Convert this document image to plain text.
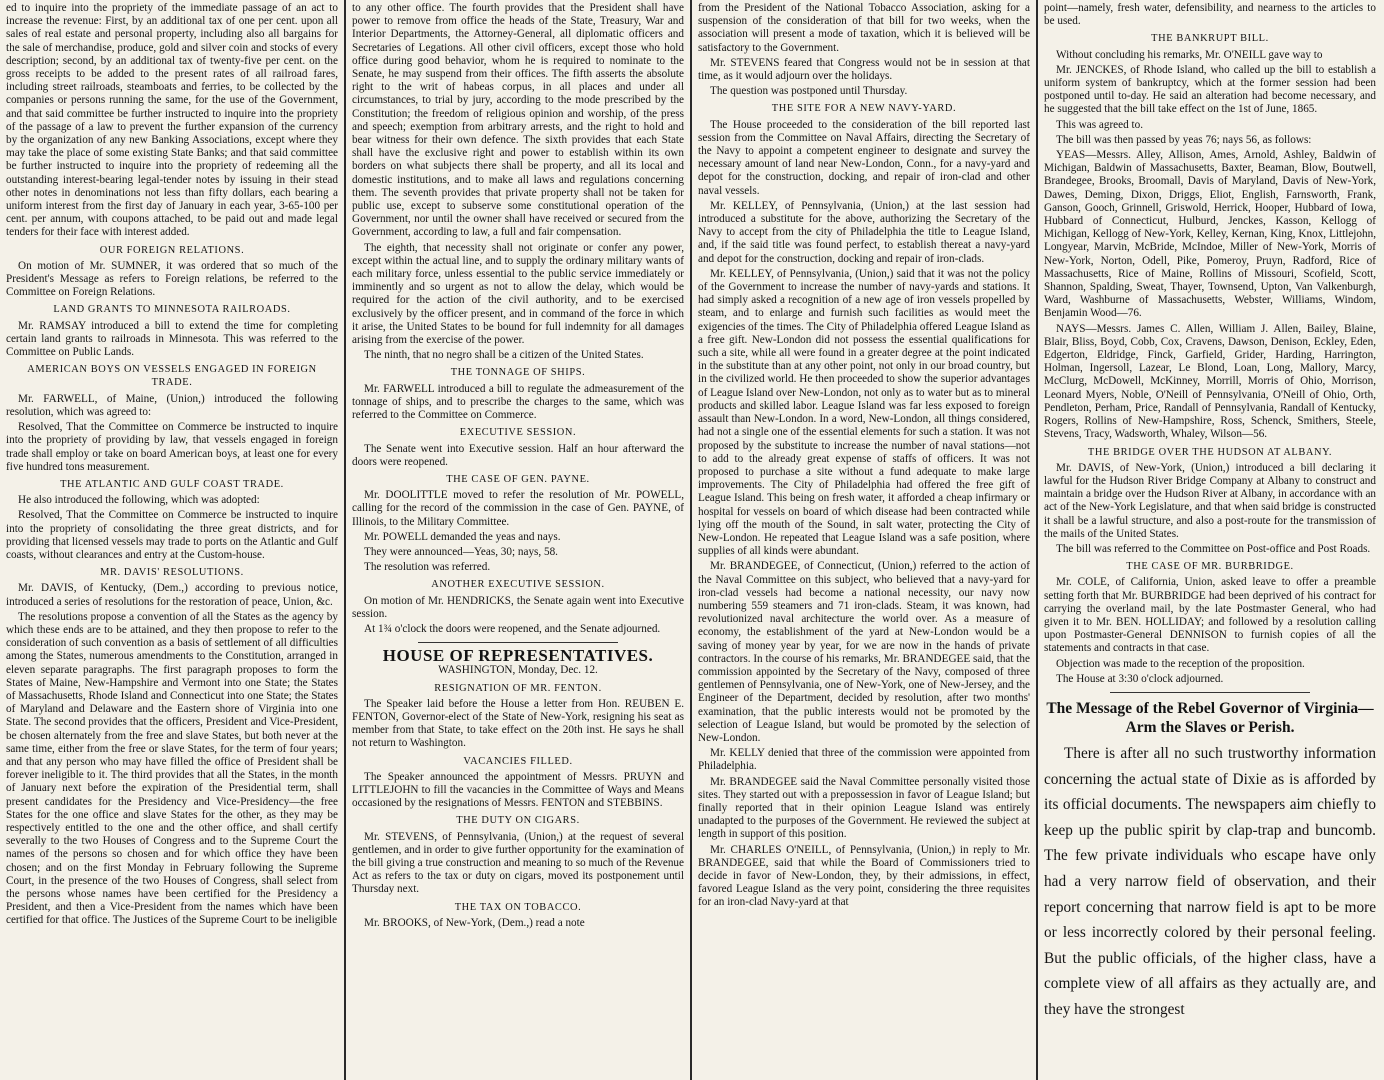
ed to inquire into the propriety of the immediate passage of an act to increase the revenue: First, by an additional tax of one per cent. upon all sales of real estate and personal property, including also all bargains for the sale of merchandise, produce, gold and silver coin and stocks of every description; second, by an additional tax of twenty-five per cent. on the gross receipts to be added to the present rates of all railroad fares, including street railroads, steamboats and ferries, to be collected by the companies or persons running the same, for the use of the Government, and that said committee be further instructed to inquire into the propriety of the passage of a law to prevent the further expansion of the currency by the organization of any new Banking Associations, except where they may take the place of some existing State Banks; and that said committee be further instructed to inquire into the propriety of redeeming all the outstanding interest-bearing legal-tender notes by issuing in their stead other notes in denominations not less than fifty dollars, each bearing a uniform interest from the first day of January in each year, 3-65-100 per cent. per annum, with coupons attached, to be paid out and made legal tenders for their face with interest added.

OUR FOREIGN RELATIONS.

On motion of Mr. SUMNER, it was ordered that so much of the President's Message as refers to Foreign relations, be referred to the Committee on Foreign Relations.

LAND GRANTS TO MINNESOTA RAILROADS.

Mr. RAMSAY introduced a bill to extend the time for completing certain land grants to railroads in Minnesota. This was referred to the Committee on Public Lands.

AMERICAN BOYS ON VESSELS ENGAGED IN FOREIGN TRADE.

Mr. FARWELL, of Maine, (Union,) introduced the following resolution, which was agreed to:

Resolved, That the Committee on Commerce be instructed to inquire into the propriety of providing by law, that vessels engaged in foreign trade shall employ or take on board American boys, at least one for every five hundred tons measurement.

THE ATLANTIC AND GULF COAST TRADE.

He also introduced the following, which was adopted:

Resolved, That the Committee on Commerce be instructed to inquire into the propriety of consolidating the three great districts, and for providing that licensed vessels may trade to ports on the Atlantic and Gulf coasts, without clearances and entry at the Custom-house.

MR. DAVIS' RESOLUTIONS.

Mr. DAVIS, of Kentucky, (Dem.,) according to previous notice, introduced a series of resolutions for the restoration of peace, Union, &c.

The resolutions propose a convention of all the States as the agency by which these ends are to be attained, and they then propose to refer to the consideration of such convention as a basis of settlement of all difficulties among the States, numerous amendments to the Constitution, arranged in eleven separate paragraphs. The first paragraph proposes to form the States of Maine, New-Hampshire and Vermont into one State; the States of Massachusetts, Rhode Island and Connecticut into one State; the States of Maryland and Delaware and the Eastern shore of Virginia into one State. The second provides that the officers, President and Vice-President, be chosen alternately from the free and slave States, but both never at the same time, either from the free or slave States, for the term of four years; and that any person who may have filled the office of President shall be forever ineligible to it. The third provides that all the States, in the month of January next before the expiration of the Presidential term, shall present candidates for the Presidency and Vice-Presidency—the free States for the one office and slave States for the other, as they may be respectively entitled to the one and the other office, and shall certify severally to the two Houses of Congress and to the Supreme Court the names of the persons so chosen and for which office they have been chosen; and on the first Monday in February following the Supreme Court, in the presence of the two Houses of Congress, shall select from the persons whose names have been certified for the Presidency a President, and then a Vice-President from the names which have been certified for that office. The Justices of the Supreme Court to be ineligible

to any other office. The fourth provides that the President shall have power to remove from office the heads of the State, Treasury, War and Interior Departments, the Attorney-General, all diplomatic officers and Secretaries of Legations. All other civil officers, except those who hold office during good behavior, whom he is required to nominate to the Senate, he may suspend from their offices. The fifth asserts the absolute right to the writ of habeas corpus, in all places and under all circumstances, to trial by jury, according to the mode prescribed by the Constitution; the freedom of religious opinion and worship, of the press and speech; exemption from arbitrary arrests, and the right to hold and bear witness for their own defence. The sixth provides that each State shall have the exclusive right and power to establish within its own borders on what subjects there shall be property, and all its local and domestic institutions, and to make all laws and regulations concerning them. The seventh provides that private property shall not be taken for public use, except to subserve some constitutional operation of the Government, nor until the owner shall have received or secured from the Government, according to law, a full and fair compensation.

The eighth, that necessity shall not originate or confer any power, except within the actual line, and to supply the ordinary military wants of each military force, unless essential to the public service immediately or imminently and so urgent as not to allow the delay, which would be required for the action of the civil authority, and to be exercised exclusively by the officer present, and in command of the force in which it arise, the United States to be bound for full indemnity for all damages arising from the exercise of the power.

The ninth, that no negro shall be a citizen of the United States.

THE TONNAGE OF SHIPS.

Mr. FARWELL introduced a bill to regulate the admeasurement of the tonnage of ships, and to prescribe the charges to the same, which was referred to the Committee on Commerce.

EXECUTIVE SESSION.

The Senate went into Executive session. Half an hour afterward the doors were reopened.

THE CASE OF GEN. PAYNE.

Mr. DOOLITTLE moved to refer the resolution of Mr. POWELL, calling for the record of the commission in the case of Gen. PAYNE, of Illinois, to the Military Committee.

Mr. POWELL demanded the yeas and nays.

They were announced—Yeas, 30; nays, 58.

The resolution was referred.

ANOTHER EXECUTIVE SESSION.

On motion of Mr. HENDRICKS, the Senate again went into Executive session.

At 1¾ o'clock the doors were reopened, and the Senate adjourned.

HOUSE OF REPRESENTATIVES.

WASHINGTON, Monday, Dec. 12.

RESIGNATION OF MR. FENTON.

The Speaker laid before the House a letter from Hon. REUBEN E. FENTON, Governor-elect of the State of New-York, resigning his seat as member from that State, to take effect on the 20th inst. He says he shall not return to Washington.

VACANCIES FILLED.

The Speaker announced the appointment of Messrs. PRUYN and LITTLEJOHN to fill the vacancies in the Committee of Ways and Means occasioned by the resignations of Messrs. FENTON and STEBBINS.

THE DUTY ON CIGARS.

Mr. STEVENS, of Pennsylvania, (Union,) at the request of several gentlemen, and in order to give further opportunity for the examination of the bill giving a true construction and meaning to so much of the Revenue Act as refers to the tax or duty on cigars, moved its postponement until Thursday next.

THE TAX ON TOBACCO.

Mr. BROOKS, of New-York, (Dem.,) read a note

from the President of the National Tobacco Association, asking for a suspension of the consideration of that bill for two weeks, when the association will present a mode of taxation, which it is believed will be satisfactory to the Government.

Mr. STEVENS feared that Congress would not be in session at that time, as it would adjourn over the holidays.

The question was postponed until Thursday.

THE SITE FOR A NEW NAVY-YARD.

The House proceeded to the consideration of the bill reported last session from the Committee on Naval Affairs, directing the Secretary of the Navy to appoint a competent engineer to designate and survey the necessary amount of land near New-London, Conn., for a navy-yard and depot for the construction, docking, and repair of iron-clad and other naval vessels.

Mr. KELLEY, of Pennsylvania, (Union,) at the last session had introduced a substitute for the above, authorizing the Secretary of the Navy to accept from the city of Philadelphia the title to League Island, and, if the said title was found perfect, to establish thereat a navy-yard and depot for the construction, docking and repair of iron-clads.

Mr. KELLEY, of Pennsylvania, (Union,) said that it was not the policy of the Government to increase the number of navy-yards and stations. It had simply asked a recognition of a new age of iron vessels propelled by steam, and to enlarge and furnish such facilities as would meet the exigencies of the times. The City of Philadelphia offered League Island as a free gift. New-London did not possess the essential qualifications for such a site, while all were found in a greater degree at the point indicated in the substitute than at any other point, not only in our broad country, but in the civilized world. He then proceeded to show the superior advantages of League Island over New-London, not only as to water but as to mineral products and skilled labor. League Island was far less exposed to foreign assault than New-London. In a word, New-London, all things considered, had not a single one of the essential elements for such a station. It was not proposed by the substitute to increase the number of naval stations—not to add to the already great expense of staffs of officers. It was not proposed to purchase a site without a fund adequate to make large improvements. The City of Philadelphia had offered the free gift of League Island. This being on fresh water, it afforded a cheap infirmary or hospital for vessels on board of which disease had been contracted while lying off the mouth of the Sound, in salt water, protecting the City of New-London. He repeated that League Island was a safe position, where supplies of all kinds were abundant.

Mr. BRANDEGEE, of Connecticut, (Union,) referred to the action of the Naval Committee on this subject, who believed that a navy-yard for iron-clad vessels had become a national necessity, our navy now numbering 559 steamers and 71 iron-clads. Steam, it was known, had revolutionized naval architecture the world over. As a measure of economy, the establishment of the yard at New-London would be a saving of money year by year, for we are now in the hands of private contractors. In the course of his remarks, Mr. BRANDEGEE said, that the commission appointed by the Secretary of the Navy, composed of three gentlemen of Pennsylvania, one of New-York, one of New-Jersey, and the Engineer of the Department, decided by resolution, after two months' examination, that the public interests would not be promoted by the selection of League Island, but would be promoted by the selection of New-London.

Mr. KELLY denied that three of the commission were appointed from Philadelphia.

Mr. BRANDEGEE said the Naval Committee personally visited those sites. They started out with a prepossession in favor of League Island; but finally reported that in their opinion League Island was entirely unadapted to the purposes of the Government. He reviewed the subject at length in support of this position.

Mr. CHARLES O'NEILL, of Pennsylvania, (Union,) in reply to Mr. BRANDEGEE, said that while the Board of Commissioners tried to decide in favor of New-London, they, by their admissions, in effect, favored League Island as the very point, considering the three requisites for an iron-clad Navy-yard at that

point—namely, fresh water, defensibility, and nearness to the articles to be used.

THE BANKRUPT BILL.

Without concluding his remarks, Mr. O'NEILL gave way to

Mr. JENCKES, of Rhode Island, who called up the bill to establish a uniform system of bankruptcy, which at the former session had been postponed until to-day. He said an alteration had become necessary, and he suggested that the bill take effect on the 1st of June, 1865.

This was agreed to.

The bill was then passed by yeas 76; nays 56, as follows:

YEAS—Messrs. Alley, Allison, Ames, Arnold, Ashley, Baldwin of Michigan, Baldwin of Massachusetts, Baxter, Beaman, Blow, Boutwell, Brandegee, Brooks, Broomall, Davis of Maryland, Davis of New-York, Dawes, Deming, Dixon, Driggs, Eliot, English, Farnsworth, Frank, Ganson, Gooch, Grinnell, Griswold, Herrick, Hooper, Hubbard of Iowa, Hubbard of Connecticut, Hulburd, Jenckes, Kasson, Kellogg of Michigan, Kellogg of New-York, Kelley, Kernan, King, Knox, Littlejohn, Longyear, Marvin, McBride, McIndoe, Miller of New-York, Morris of New-York, Norton, Odell, Pike, Pomeroy, Pruyn, Radford, Rice of Massachusetts, Rice of Maine, Rollins of Missouri, Scofield, Scott, Shannon, Spalding, Sweat, Thayer, Townsend, Upton, Van Valkenburgh, Ward, Washburne of Massachusetts, Webster, Williams, Windom, Benjamin Wood—76.

NAYS—Messrs. James C. Allen, William J. Allen, Bailey, Blaine, Blair, Bliss, Boyd, Cobb, Cox, Cravens, Dawson, Denison, Eckley, Eden, Edgerton, Eldridge, Finck, Garfield, Grider, Harding, Harrington, Holman, Ingersoll, Lazear, Le Blond, Loan, Long, Mallory, Marcy, McClurg, McDowell, McKinney, Morrill, Morris of Ohio, Morrison, Leonard Myers, Noble, O'Neill of Pennsylvania, O'Neill of Ohio, Orth, Pendleton, Perham, Price, Randall of Pennsylvania, Randall of Kentucky, Rogers, Rollins of New-Hampshire, Ross, Schenck, Smithers, Steele, Stevens, Tracy, Wadsworth, Whaley, Wilson—56.

THE BRIDGE OVER THE HUDSON AT ALBANY.

Mr. DAVIS, of New-York, (Union,) introduced a bill declaring it lawful for the Hudson River Bridge Company at Albany to construct and maintain a bridge over the Hudson River at Albany, in accordance with an act of the New-York Legislature, and that when said bridge is constructed it shall be a lawful structure, and also a post-route for the transmission of the mails of the United States.

The bill was referred to the Committee on Post-office and Post Roads.

THE CASE OF MR. BURBRIDGE.

Mr. COLE, of California, Union, asked leave to offer a preamble setting forth that Mr. BURBRIDGE had been deprived of his contract for carrying the overland mail, by the late Postmaster General, who had given it to Mr. BEN. HOLLIDAY; and followed by a resolution calling upon Postmaster-General DENNISON to furnish copies of all the statements and contracts in that case.

Objection was made to the reception of the proposition.

The House at 3:30 o'clock adjourned.

The Message of the Rebel Governor of Virginia—Arm the Slaves or Perish.

There is after all no such trustworthy information concerning the actual state of Dixie as is afforded by its official documents. The newspapers aim chiefly to keep up the public spirit by clap-trap and buncomb. The few private individuals who escape have only had a very narrow field of observation, and their report concerning that narrow field is apt to be more or less incorrectly colored by their personal feeling. But the public officials, of the higher class, have a complete view of all affairs as they actually are, and they have the strongest
